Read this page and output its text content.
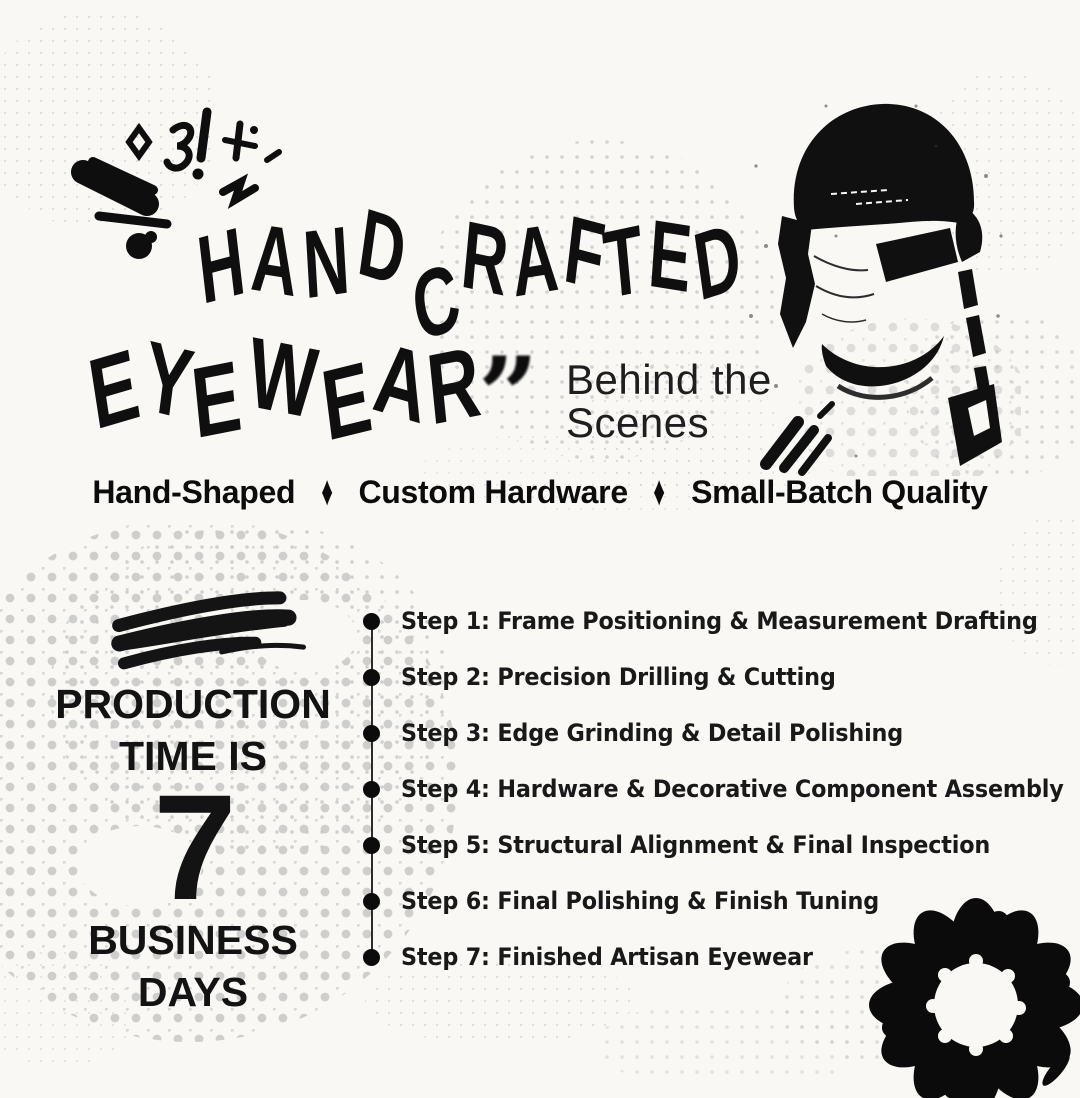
H A N DCRAFTED
EYEWEAR ” Behind the
Scenes
Hand-Shaped ♦ Custom Hardware ♦ Small-Batch Quality
PRODUCTION
TIME IS
7
BUSINESS
DAYS
Step 1: Frame Positioning & Measurement Drafting
Step 2: Precision Drilling & Cutting
Step 3: Edge Grinding & Detail Polishing
Step 4: Hardware & Decorative Component Assembly
Step 5: Structural Alignment & Final Inspection
Step 6: Final Polishing & Finish Tuning
Step 7: Finished Artisan Eyewear
